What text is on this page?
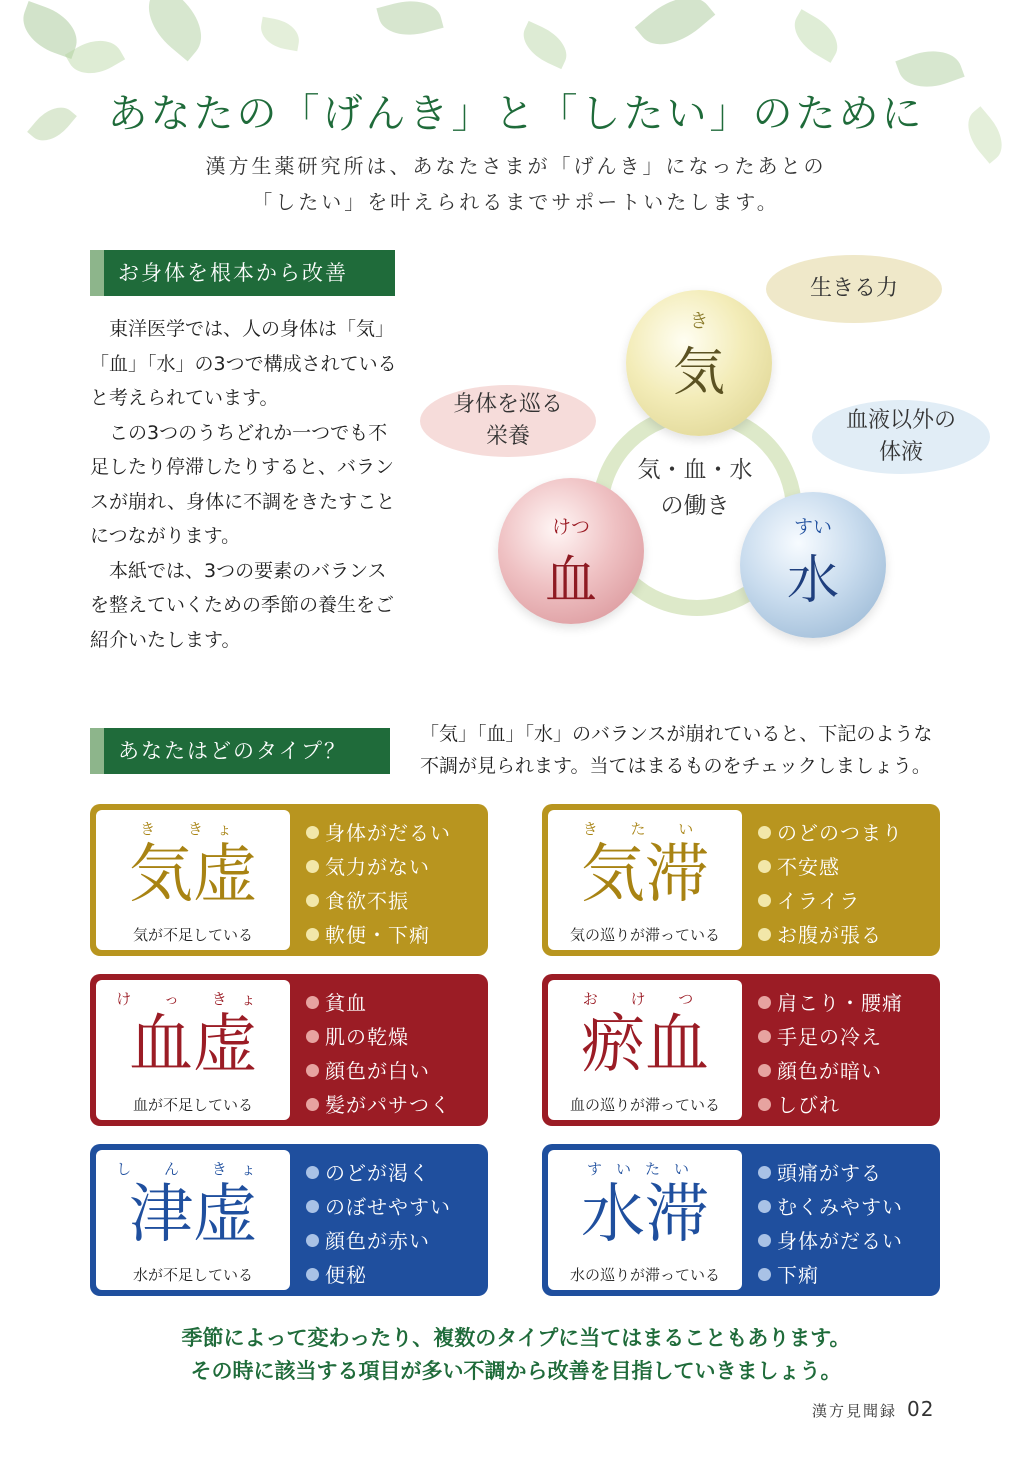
あなたの「げんき」と「したい」のために
漢方生薬研究所は、あなたさまが「げんき」になったあとの
「したい」を叶えられるまでサポートいたします。
お身体を根本から改善

東洋医学では、人の身体は「気」「血」「水」の3つで構成されていると考えられています。

この3つのうちどれか一つでも不足したり停滞したりすると、バランスが崩れ、身体に不調をきたすことにつながります。

本紙では、3つの要素のバランスを整えていくための季節の養生をご紹介いたします。

気・血・水
の働き
生きる力
身体を巡る
栄養
血液以外の
体液
き
気
けつ
血
すい
水
あなたはどのタイプ？
「気」「血」「水」のバランスが崩れていると、下記のような
不調が見られます。当てはまるものをチェックしましょう。
き きょ
気虚
気が不足している
身体がだるい
気力がない
食欲不振
軟便・下痢
き た い
気滞
気の巡りが滞っている
のどのつまり
不安感
イライラ
お腹が張る
け っ きょ
血虚
血が不足している
貧血
肌の乾燥
顔色が白い
髪がパサつく
お け つ
瘀血
血の巡りが滞っている
肩こり・腰痛
手足の冷え
顔色が暗い
しびれ
し ん きょ
津虚
水が不足している
のどが渇く
のぼせやすい
顔色が赤い
便秘
すいたい
水滞
水の巡りが滞っている
頭痛がする
むくみやすい
身体がだるい
下痢
季節によって変わったり、複数のタイプに当てはまることもあります。
その時に該当する項目が多い不調から改善を目指していきましょう。
漢方見聞録 02
